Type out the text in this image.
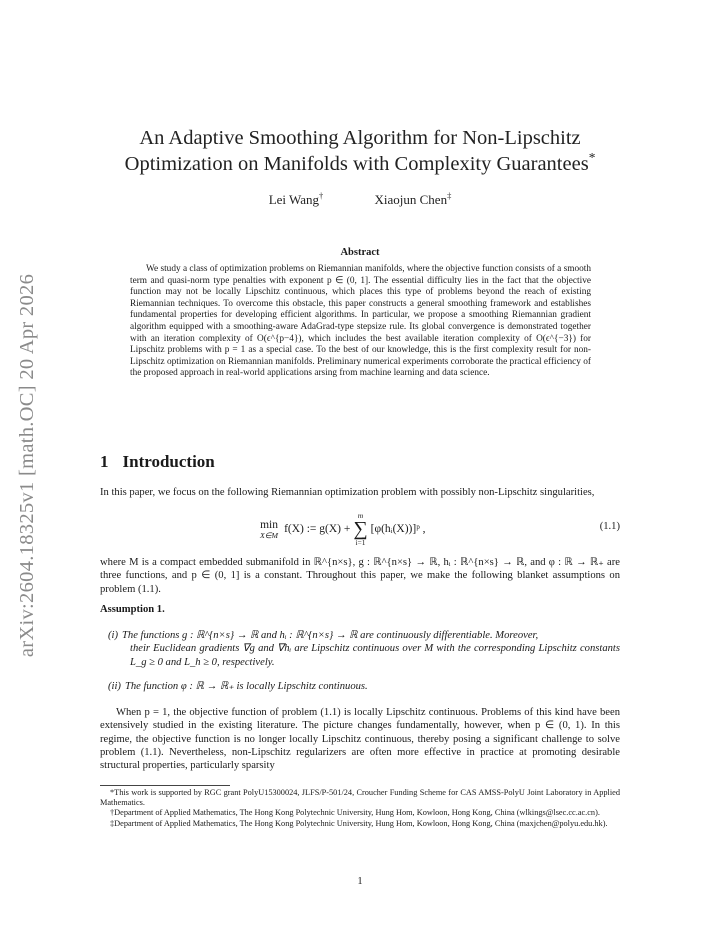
arXiv:2604.18325v1 [math.OC] 20 Apr 2026
An Adaptive Smoothing Algorithm for Non-Lipschitz
Optimization on Manifolds with Complexity Guarantees*
Lei Wang†	Xiaojun Chen‡
Abstract
We study a class of optimization problems on Riemannian manifolds, where the objective function consists of a smooth term and quasi-norm type penalties with exponent p ∈ (0, 1]. The essential difficulty lies in the fact that the objective function may not be locally Lipschitz continuous, which places this type of problems beyond the reach of existing Riemannian techniques. To overcome this obstacle, this paper constructs a general smoothing framework and establishes fundamental properties for developing efficient algorithms. In particular, we propose a smoothing Riemannian gradient algorithm equipped with a smoothing-aware AdaGrad-type stepsize rule. Its global convergence is demonstrated together with an iteration complexity of O(ϵ^{p−4}), which includes the best available iteration complexity of O(ϵ^{−3}) for Lipschitz problems with p = 1 as a special case. To the best of our knowledge, this is the first complexity result for non-Lipschitz optimization on Riemannian manifolds. Preliminary numerical experiments corroborate the practical efficiency of the proposed approach in real-world applications arsing from machine learning and data science.
1 Introduction
In this paper, we focus on the following Riemannian optimization problem with possibly non-Lipschitz singularities,
min
X∈M f(X) := g(X) +
m
∑
i=1
[φ(hᵢ(X))]ᵖ ,	(1.1)
where M is a compact embedded submanifold in ℝ^{n×s}, g : ℝ^{n×s} → ℝ, hᵢ : ℝ^{n×s} → ℝ, and φ : ℝ → ℝ₊ are three functions, and p ∈ (0, 1] is a constant. Throughout this paper, we make the following blanket assumptions on problem (1.1).
Assumption 1.
(i) The functions g : ℝ^{n×s} → ℝ and hᵢ : ℝ^{n×s} → ℝ are continuously differentiable. Moreover,
their Euclidean gradients ∇g and ∇hᵢ are Lipschitz continuous over M with the corresponding Lipschitz constants L_g ≥ 0 and L_h ≥ 0, respectively.
(ii) The function φ : ℝ → ℝ₊ is locally Lipschitz continuous.
When p = 1, the objective function of problem (1.1) is locally Lipschitz continuous. Problems of this kind have been extensively studied in the existing literature. The picture changes fundamentally, however, when p ∈ (0, 1). In this regime, the objective function is no longer locally Lipschitz continuous, thereby posing a significant challenge to solve problem (1.1). Nevertheless, non-Lipschitz regularizers are often more effective in practice at promoting desirable structural properties, particularly sparsity
*This work is supported by RGC grant PolyU15300024, JLFS/P-501/24, Croucher Funding Scheme for CAS AMSS-PolyU Joint Laboratory in Applied Mathematics.
†Department of Applied Mathematics, The Hong Kong Polytechnic University, Hung Hom, Kowloon, Hong Kong, China (wlkings@lsec.cc.ac.cn).
‡Department of Applied Mathematics, The Hong Kong Polytechnic University, Hung Hom, Kowloon, Hong Kong, China (maxjchen@polyu.edu.hk).
1
